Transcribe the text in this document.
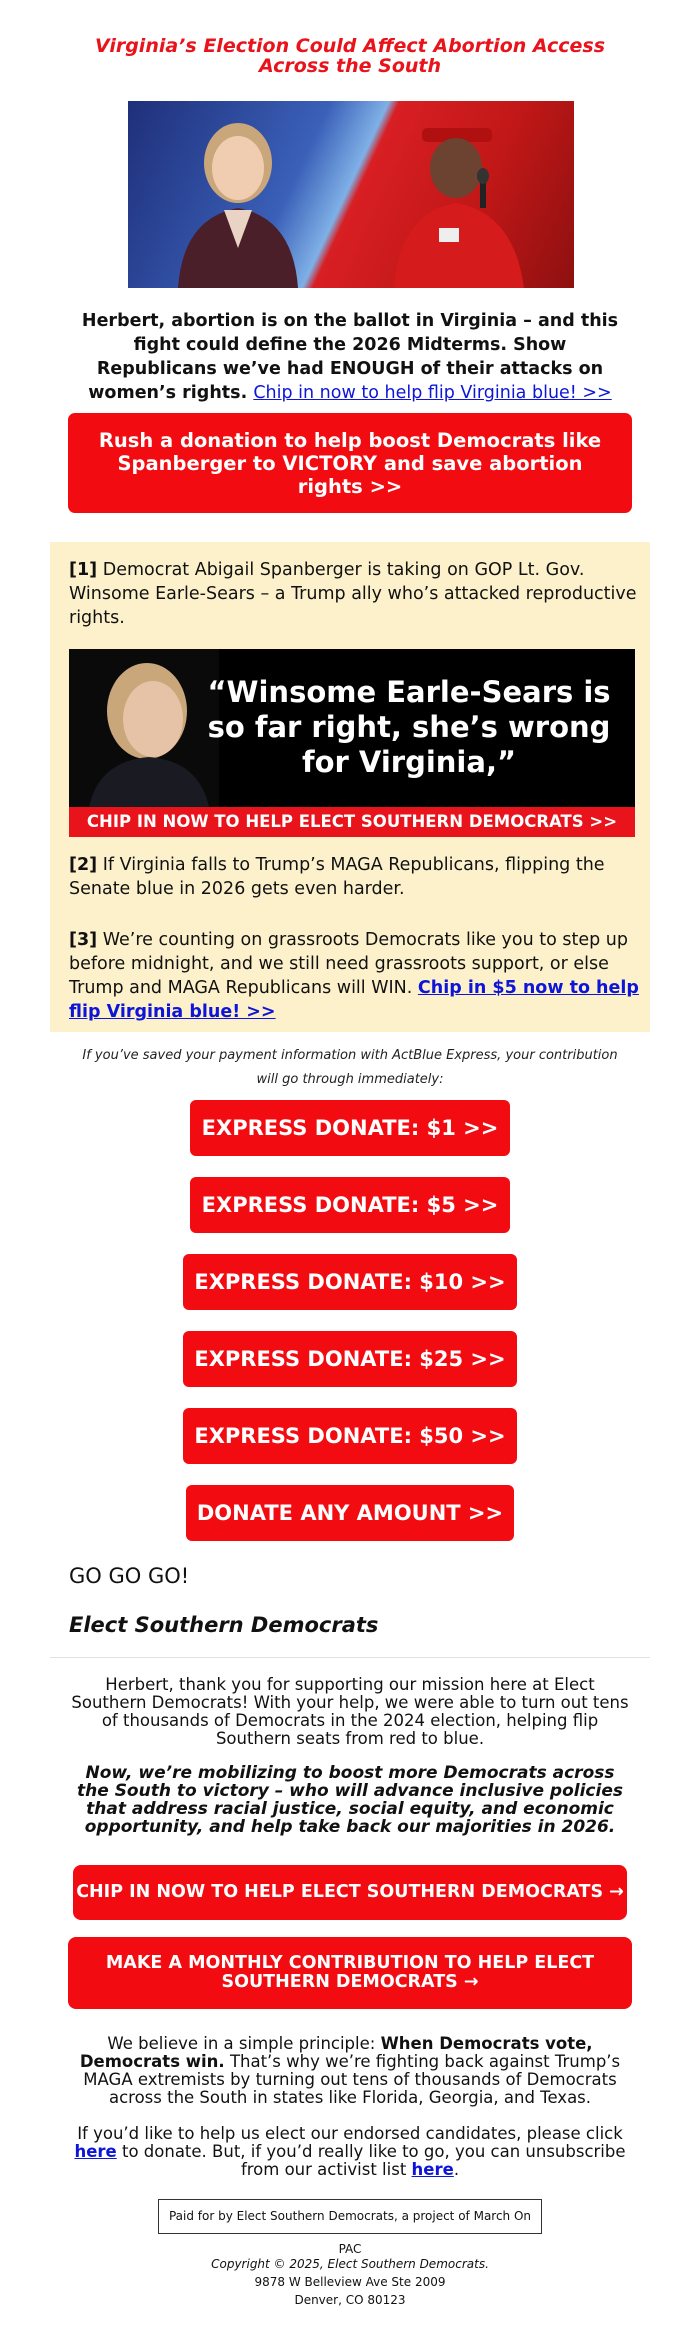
Virginia’s Election Could Affect Abortion Access Across the South
Herbert, abortion is on the ballot in Virginia – and this fight could define the 2026 Midterms. Show Republicans we’ve had ENOUGH of their attacks on women’s rights. Chip in now to help flip Virginia blue! >>
Rush a donation to help boost Democrats like Spanberger to VICTORY and save abortion rights >>

[1] Democrat Abigail Spanberger is taking on GOP Lt. Gov. Winsome Earle-Sears – a Trump ally who’s attacked reproductive rights.

“Winsome Earle-Sears is so far right, she’s wrong for Virginia,”
CHIP IN NOW TO HELP ELECT SOUTHERN DEMOCRATS >>

[2] If Virginia falls to Trump’s MAGA Republicans, flipping the Senate blue in 2026 gets even harder.

[3] We’re counting on grassroots Democrats like you to step up before midnight, and we still need grassroots support, or else Trump and MAGA Republicans will WIN. Chip in $5 now to help flip Virginia blue! >>

If you’ve saved your payment information with ActBlue Express, your contribution will go through immediately:
EXPRESS DONATE: $1 >>
EXPRESS DONATE: $5 >>
EXPRESS DONATE: $10 >>
EXPRESS DONATE: $25 >>
EXPRESS DONATE: $50 >>
DONATE ANY AMOUNT >>
GO GO GO!
Elect Southern Democrats
Herbert, thank you for supporting our mission here at Elect Southern Democrats! With your help, we were able to turn out tens of thousands of Democrats in the 2024 election, helping flip Southern seats from red to blue.
Now, we’re mobilizing to boost more Democrats across the South to victory – who will advance inclusive policies that address racial justice, social equity, and economic opportunity, and help take back our majorities in 2026.
CHIP IN NOW TO HELP ELECT SOUTHERN DEMOCRATS →
MAKE A MONTHLY CONTRIBUTION TO HELP ELECT SOUTHERN DEMOCRATS →
We believe in a simple principle: When Democrats vote, Democrats win. That’s why we’re fighting back against Trump’s MAGA extremists by turning out tens of thousands of Democrats across the South in states like Florida, Georgia, and Texas.
If you’d like to help us elect our endorsed candidates, please click here to donate. But, if you’d really like to go, you can unsubscribe from our activist list here.
Paid for by Elect Southern Democrats, a project of March On PAC
Copyright © 2025, Elect Southern Democrats.
9878 W Belleview Ave Ste 2009
Denver, CO 80123
